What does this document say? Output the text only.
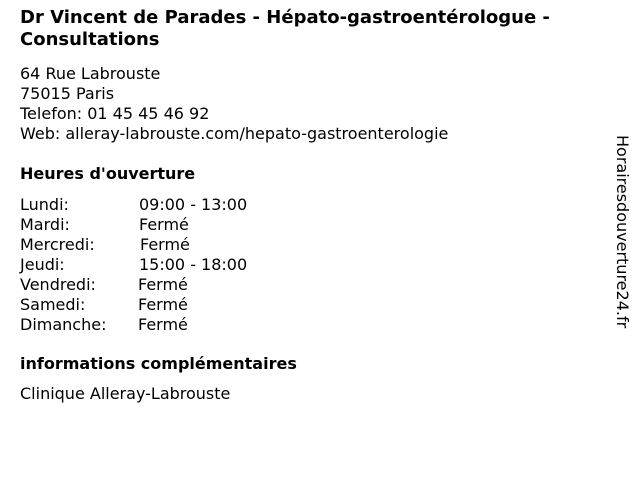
Dr Vincent de Parades - Hépato-gastroentérologue - Consultations
64 Rue Labrouste
75015 Paris
Telefon: 01 45 45 46 92
Web: alleray-labrouste.com/hepato-gastroenterologie
Heures d'ouverture
Lundi:	09:00 - 13:00
Mardi:	Fermé
Mercredi:	Fermé
Jeudi:	15:00 - 18:00
Vendredi:	Fermé
Samedi:	Fermé
Dimanche: Fermé
informations complémentaires
Clinique Alleray-Labrouste
Horairesdouverture24.fr
